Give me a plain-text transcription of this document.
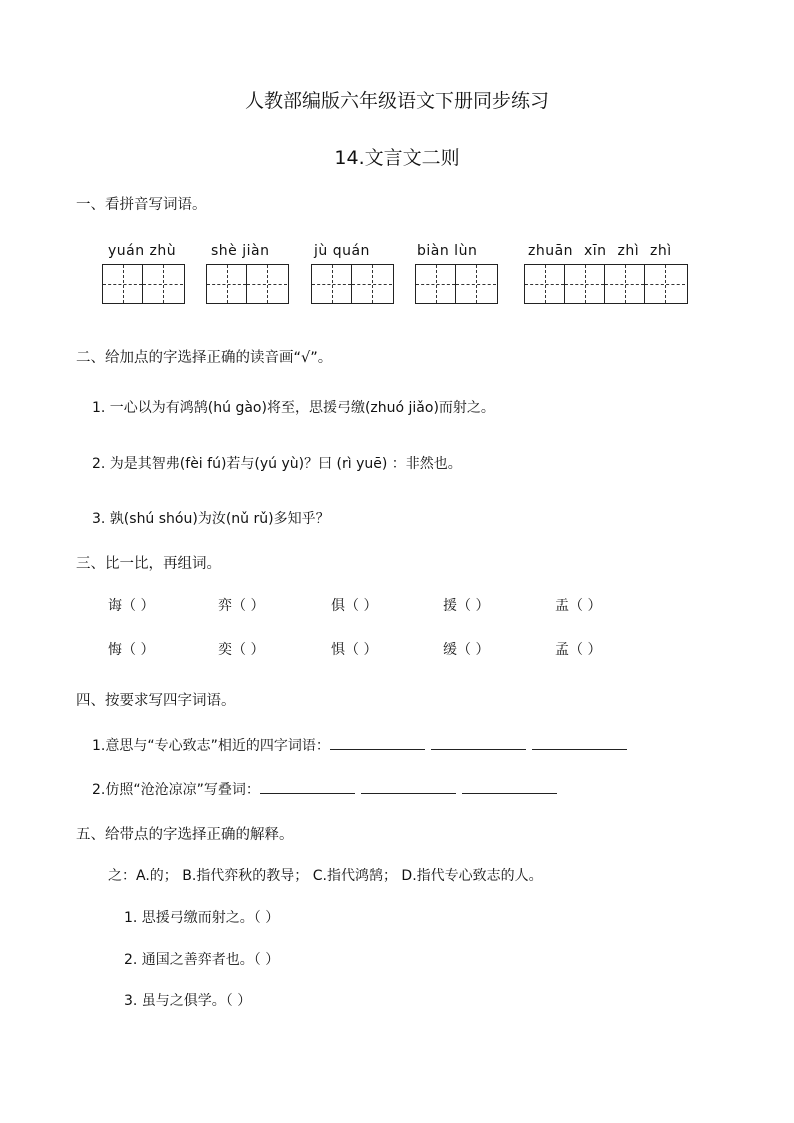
人教部编版六年级语文下册同步练习
14.文言文二则
一、看拼音写词语。
yuán zhù shè jiàn	jù quán	biàn lùn	zhuān xīn zhì zhì
二、给加点的字选择正确的读音画“√”。
1. 一心以为有鸿鹄(hú gào)将至，思援弓缴(zhuó jiǎo)而射之。
2. 为是其智弗(fèi fú)若与(yú yù)？曰 (rì yuē) ：非然也。
3. 孰(shú shóu)为汝(nǔ rǔ)多知乎？
三、比一比，再组词。
诲（ ）	弈（ ）	俱（ ）	援（ ）	盂（ ）
悔（ ）	奕（ ）	惧（ ）	缓（ ）	孟（ ）
四、按要求写四字词语。
1.意思与“专心致志”相近的四字词语：
2.仿照“沧沧凉凉”写叠词：
五、给带点的字选择正确的解释。
之：A.的； B.指代弈秋的教导； C.指代鸿鹄； D.指代专心致志的人。
1. 思援弓缴而射之。（ ）
2. 通国之善弈者也。（ ）
3. 虽与之俱学。（ ）
